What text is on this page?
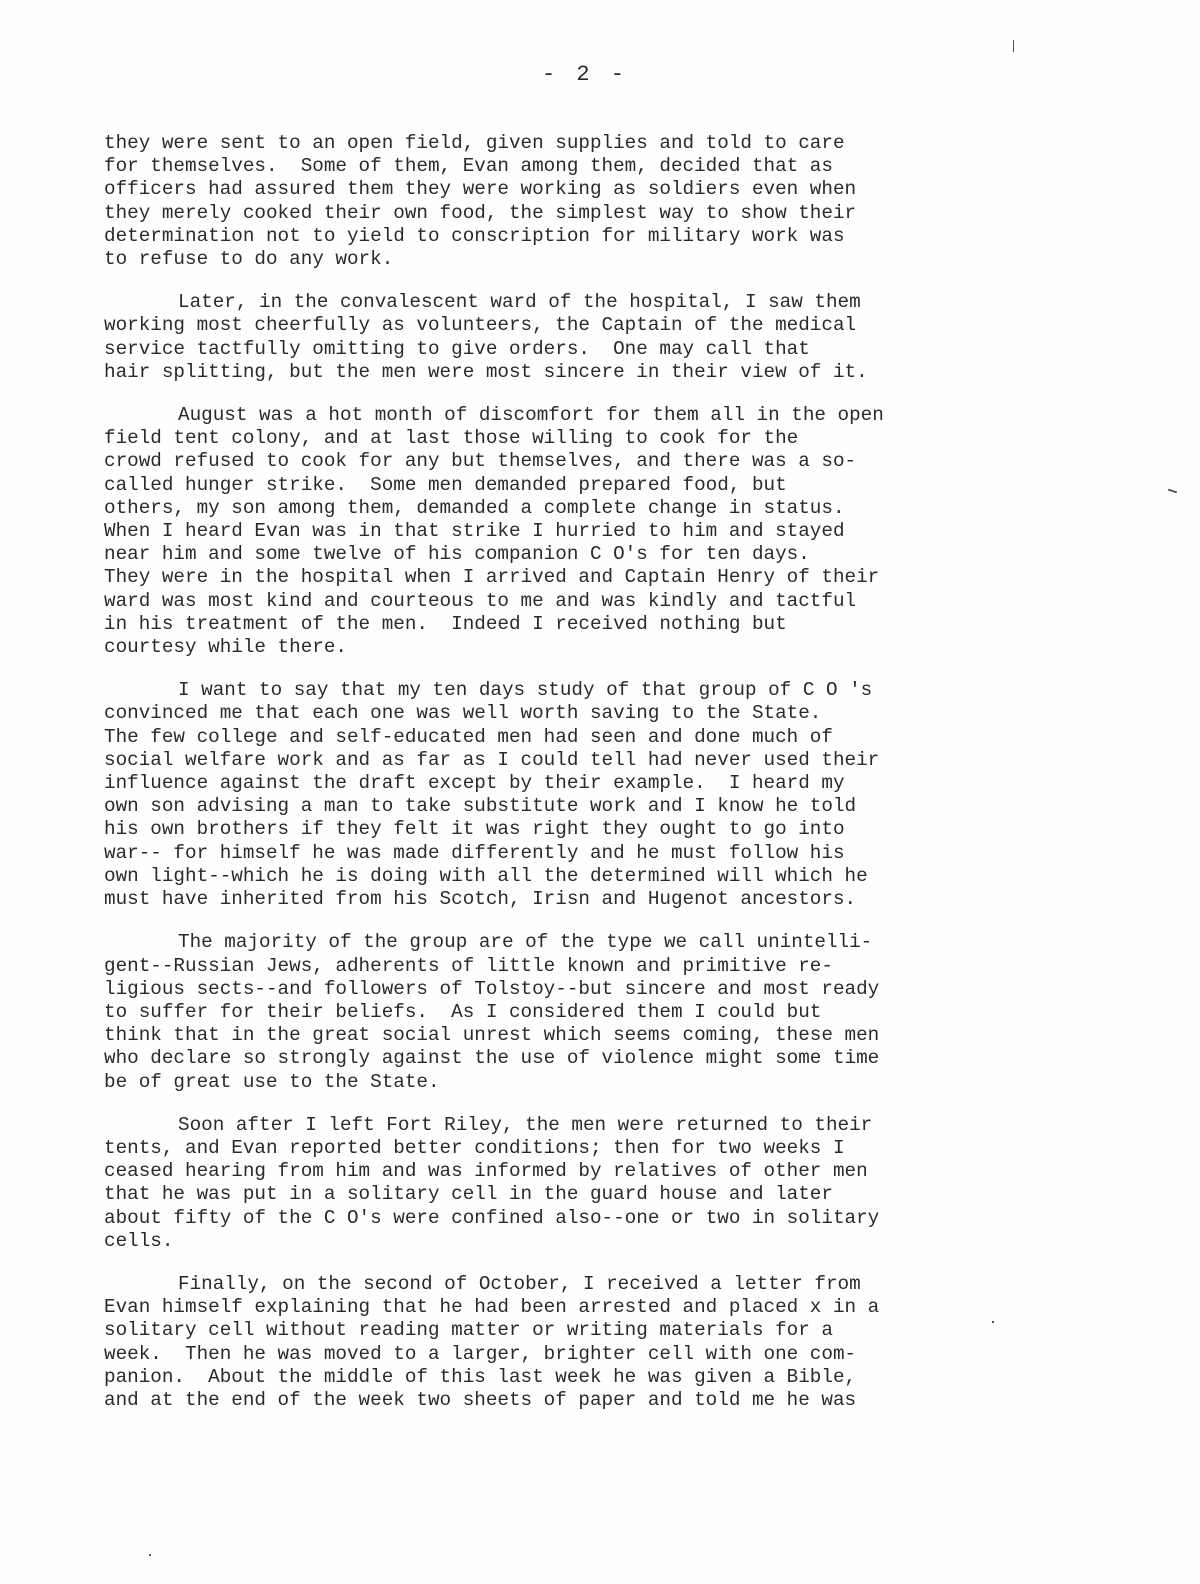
- 2 -

they were sent to an open field, given supplies and told to care
for themselves.  Some of them, Evan among them, decided that as
officers had assured them they were working as soldiers even when
they merely cooked their own food, the simplest way to show their
determination not to yield to conscription for military work was
to refuse to do any work.

Later, in the convalescent ward of the hospital, I saw them
working most cheerfully as volunteers, the Captain of the medical
service tactfully omitting to give orders.  One may call that
hair splitting, but the men were most sincere in their view of it.

August was a hot month of discomfort for them all in the open
field tent colony, and at last those willing to cook for the
crowd refused to cook for any but themselves, and there was a so-
called hunger strike.  Some men demanded prepared food, but
others, my son among them, demanded a complete change in status.
When I heard Evan was in that strike I hurried to him and stayed
near him and some twelve of his companion C O's for ten days.
They were in the hospital when I arrived and Captain Henry of their
ward was most kind and courteous to me and was kindly and tactful
in his treatment of the men.  Indeed I received nothing but
courtesy while there.

I want to say that my ten days study of that group of C O 's
convinced me that each one was well worth saving to the State.
The few college and self-educated men had seen and done much of
social welfare work and as far as I could tell had never used their
influence against the draft except by their example.  I heard my
own son advising a man to take substitute work and I know he told
his own brothers if they felt it was right they ought to go into
war-- for himself he was made differently and he must follow his
own light--which he is doing with all the determined will which he
must have inherited from his Scotch, Irisn and Hugenot ancestors.

The majority of the group are of the type we call unintelli-
gent--Russian Jews, adherents of little known and primitive re-
ligious sects--and followers of Tolstoy--but sincere and most ready
to suffer for their beliefs.  As I considered them I could but
think that in the great social unrest which seems coming, these men
who declare so strongly against the use of violence might some time
be of great use to the State.

Soon after I left Fort Riley, the men were returned to their
tents, and Evan reported better conditions; then for two weeks I
ceased hearing from him and was informed by relatives of other men
that he was put in a solitary cell in the guard house and later
about fifty of the C O's were confined also--one or two in solitary
cells.

Finally, on the second of October, I received a letter from
Evan himself explaining that he had been arrested and placed x in a
solitary cell without reading matter or writing materials for a
week.  Then he was moved to a larger, brighter cell with one com-
panion.  About the middle of this last week he was given a Bible,
and at the end of the week two sheets of paper and told me he was
